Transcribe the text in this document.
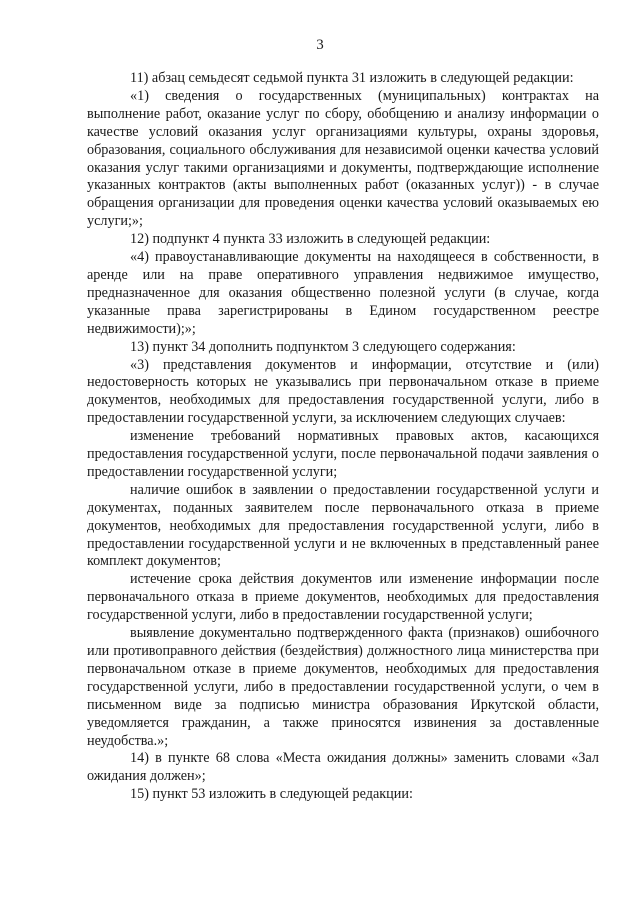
3

11) абзац семьдесят седьмой пункта 31 изложить в следующей редакции:

«1) сведения о государственных (муниципальных) контрактах на выполнение работ, оказание услуг по сбору, обобщению и анализу информации о качестве условий оказания услуг организациями культуры, охраны здоровья, образования, социального обслуживания для независимой оценки качества условий оказания услуг такими организациями и документы, подтверждающие исполнение указанных контрактов (акты выполненных работ (оказанных услуг)) - в случае обращения организации для проведения оценки качества условий оказываемых ею услуги;»;

12) подпункт 4 пункта 33 изложить в следующей редакции:

«4) правоустанавливающие документы на находящееся в собственности, в аренде или на праве оперативного управления недвижимое имущество, предназначенное для оказания общественно полезной услуги (в случае, когда указанные права зарегистрированы в Едином государственном реестре недвижимости);»;

13) пункт 34 дополнить подпунктом 3 следующего содержания:

«3) представления документов и информации, отсутствие и (или) недостоверность которых не указывались при первоначальном отказе в приеме документов, необходимых для предоставления государственной услуги, либо в предоставлении государственной услуги, за исключением следующих случаев:

изменение требований нормативных правовых актов, касающихся предоставления государственной услуги, после первоначальной подачи заявления о предоставлении государственной услуги;

наличие ошибок в заявлении о предоставлении государственной услуги и документах, поданных заявителем после первоначального отказа в приеме документов, необходимых для предоставления государственной услуги, либо в предоставлении государственной услуги и не включенных в представленный ранее комплект документов;

истечение срока действия документов или изменение информации после первоначального отказа в приеме документов, необходимых для предоставления государственной услуги, либо в предоставлении государственной услуги;

выявление документально подтвержденного факта (признаков) ошибочного или противоправного действия (бездействия) должностного лица министерства при первоначальном отказе в приеме документов, необходимых для предоставления государственной услуги, либо в предоставлении государственной услуги, о чем в письменном виде за подписью министра образования Иркутской области, уведомляется гражданин, а также приносятся извинения за доставленные неудобства.»;

14) в пункте 68 слова «Места ожидания должны» заменить словами «Зал ожидания должен»;

15) пункт 53 изложить в следующей редакции:
